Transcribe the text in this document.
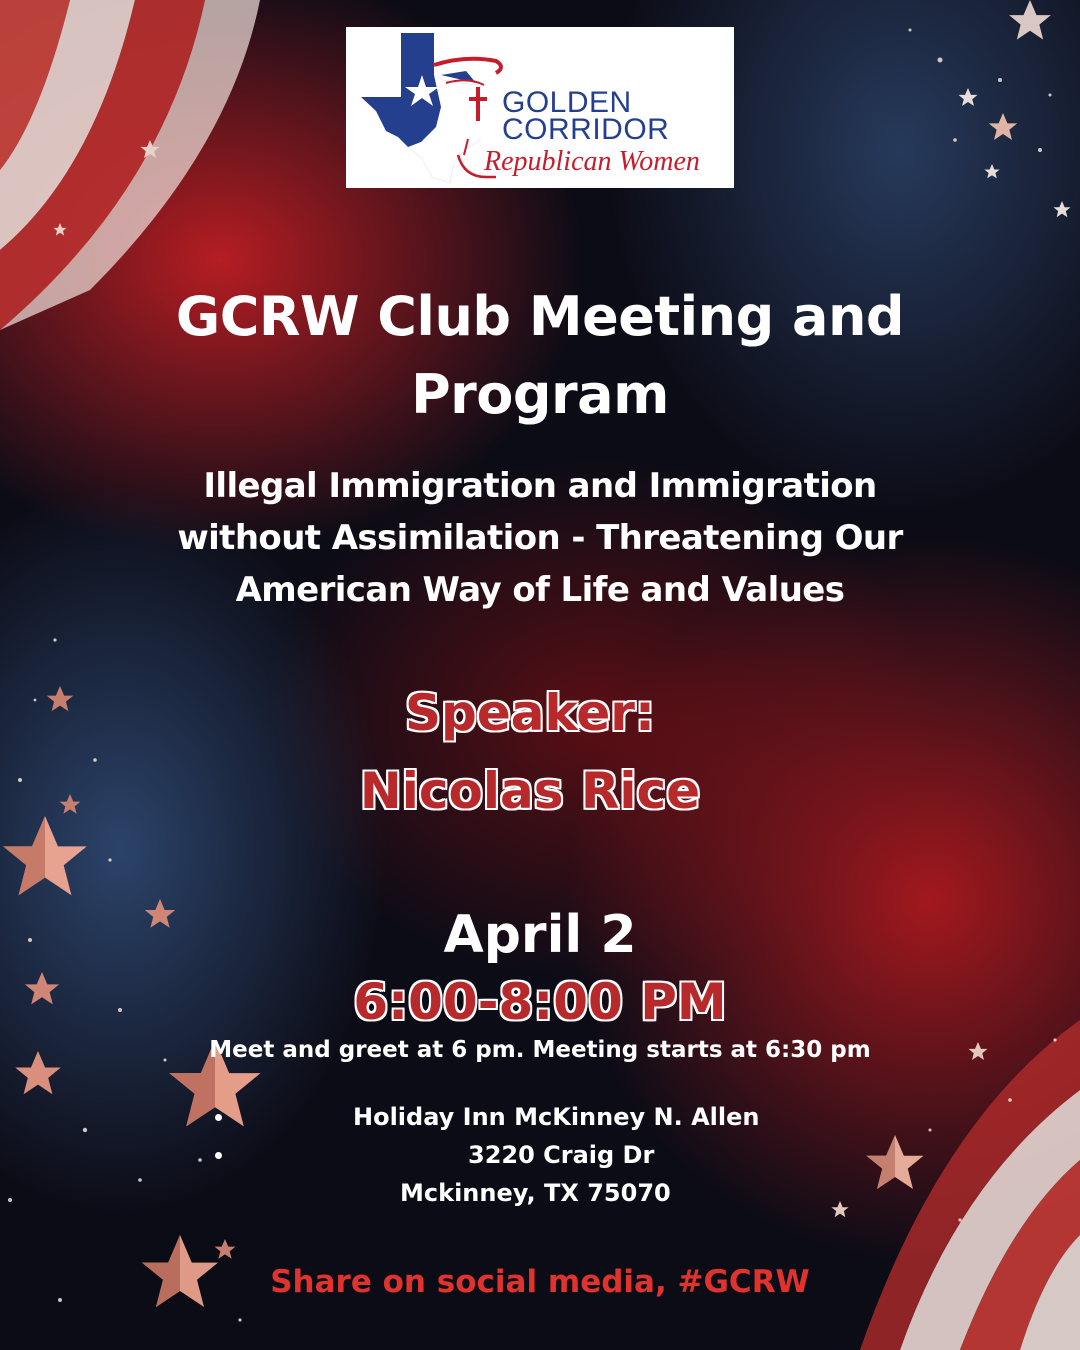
GOLDEN
CORRIDOR
Republican Women
GCRW Club Meeting and Program
Illegal Immigration and Immigration without Assimilation - Threatening Our American Way of Life and Values
Speaker:
Nicolas Rice
April 2
6:00-8:00 PM
Meet and greet at 6 pm. Meeting starts at 6:30 pm
Holiday Inn McKinney N. Allen
3220 Craig Dr
Mckinney, TX 75070
Share on social media, #GCRW
